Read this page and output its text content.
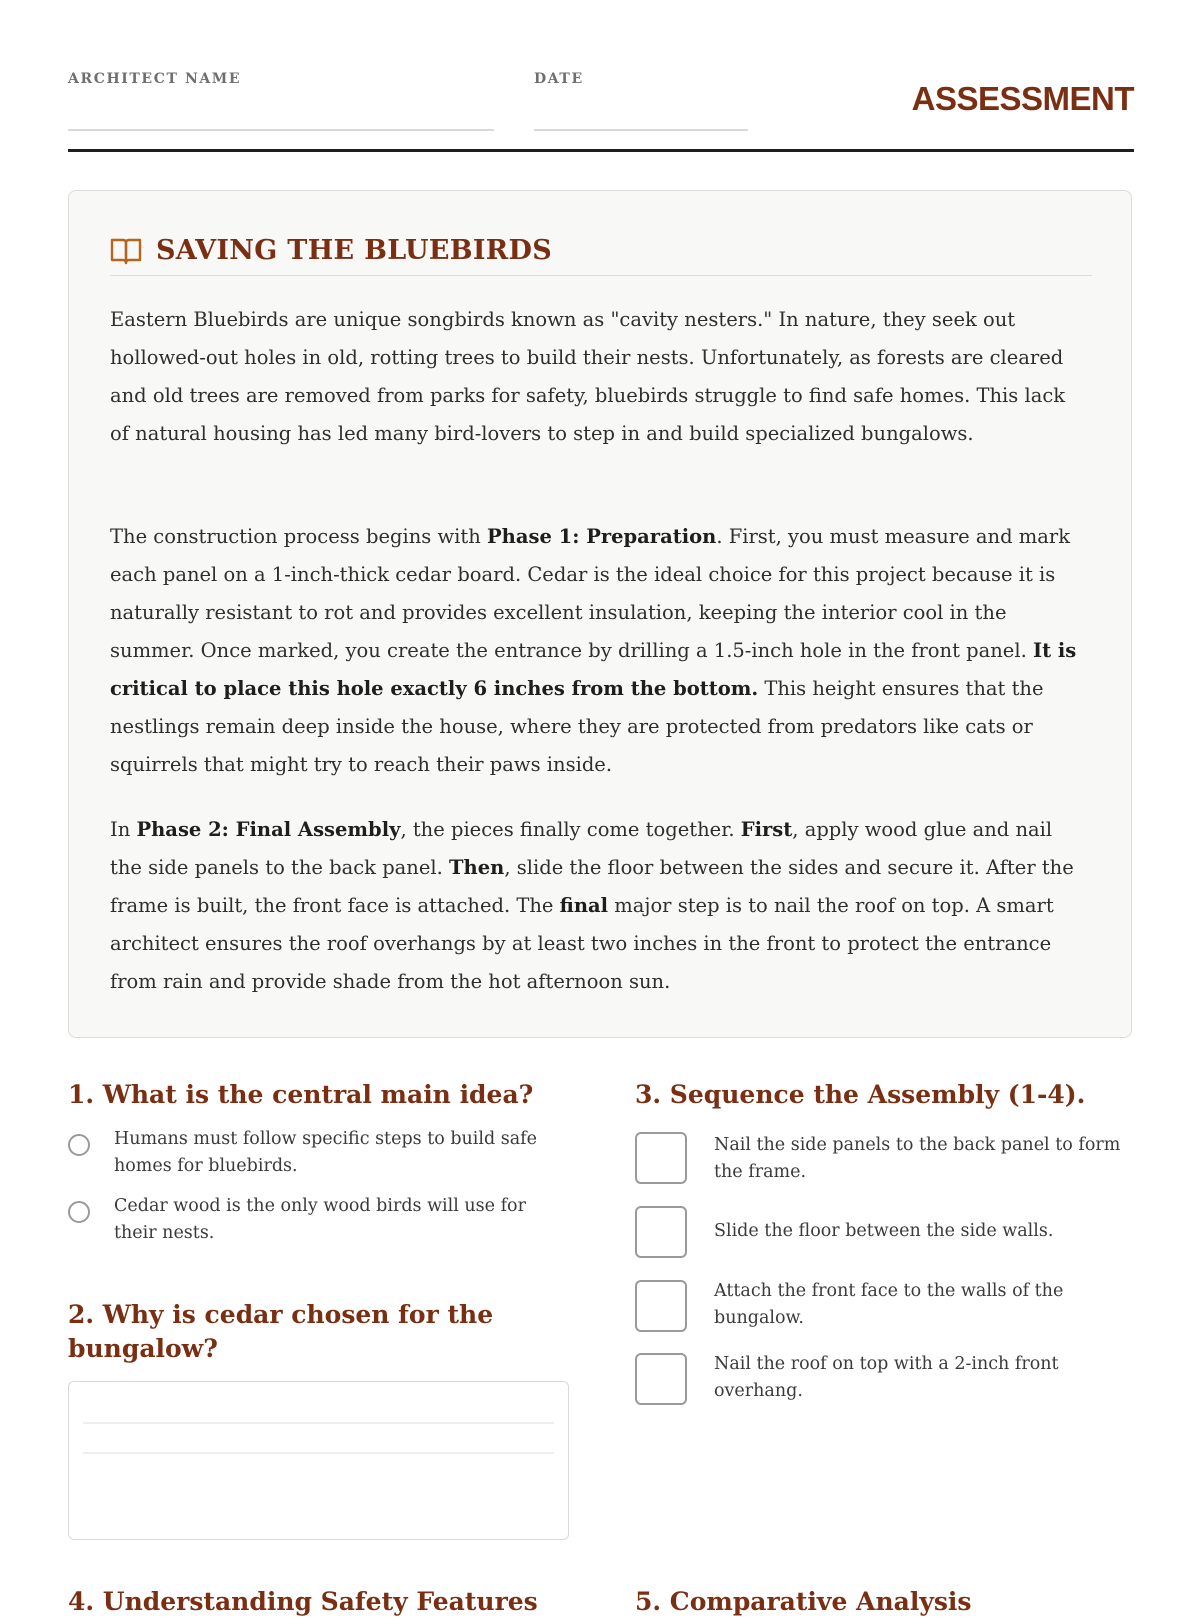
ARCHITECT NAME	DATE
ASSESSMENT
SAVING THE BLUEBIRDS

Eastern Bluebirds are unique songbirds known as "cavity nesters." In nature, they seek out hollowed-out holes in old, rotting trees to build their nests. Unfortunately, as forests are cleared and old trees are removed from parks for safety, bluebirds struggle to find safe homes. This lack of natural housing has led many bird-lovers to step in and build specialized bungalows.

The construction process begins with Phase 1: Preparation. First, you must measure and mark each panel on a 1-inch-thick cedar board. Cedar is the ideal choice for this project because it is naturally resistant to rot and provides excellent insulation, keeping the interior cool in the summer. Once marked, you create the entrance by drilling a 1.5-inch hole in the front panel. It is critical to place this hole exactly 6 inches from the bottom. This height ensures that the nestlings remain deep inside the house, where they are protected from predators like cats or squirrels that might try to reach their paws inside.

In Phase 2: Final Assembly, the pieces finally come together. First, apply wood glue and nail the side panels to the back panel. Then, slide the floor between the sides and secure it. After the frame is built, the front face is attached. The final major step is to nail the roof on top. A smart architect ensures the roof overhangs by at least two inches in the front to protect the entrance from rain and provide shade from the hot afternoon sun.

1. What is the central main idea?
Humans must follow specific steps to build safe homes for bluebirds.
Cedar wood is the only wood birds will use for their nests.
2. Why is cedar chosen for the bungalow?
3. Sequence the Assembly (1-4).
Nail the side panels to the back panel to form the frame.
Slide the floor between the side walls.
Attach the front face to the walls of the bungalow.
Nail the roof on top with a 2-inch front overhang.
4. Understanding Safety Features	5. Comparative Analysis
